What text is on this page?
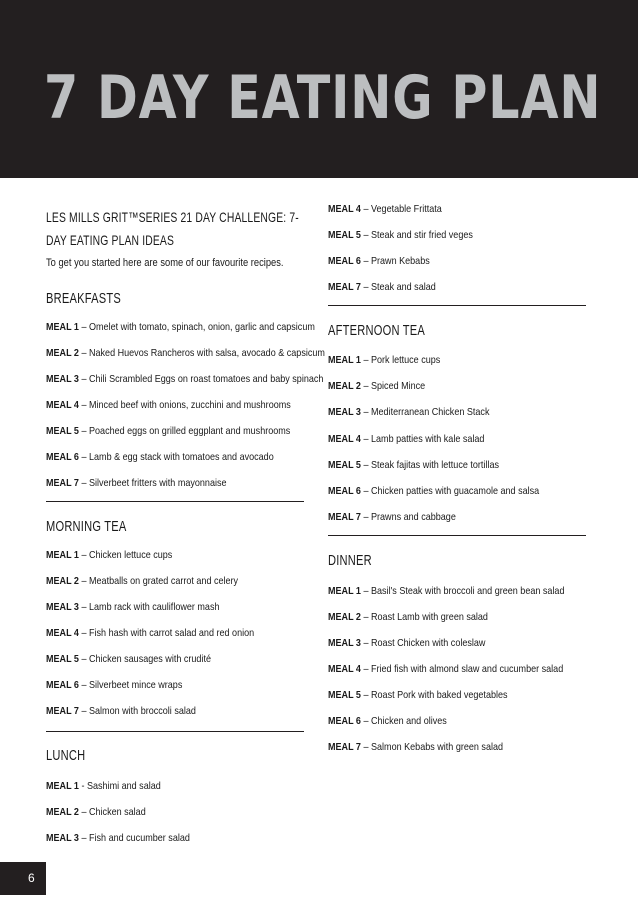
7 DAY EATING PLAN
LES MILLS GRIT™SERIES 21 DAY CHALLENGE: 7-DAY EATING PLAN IDEAS
To get you started here are some of our favourite recipes.
BREAKFASTS
MEAL 1 – Omelet with tomato, spinach, onion, garlic and capsicum
MEAL 2 – Naked Huevos Rancheros with salsa, avocado & capsicum
MEAL 3 – Chili Scrambled Eggs on roast tomatoes and baby spinach
MEAL 4 – Minced beef with onions, zucchini and mushrooms
MEAL 5 – Poached eggs on grilled eggplant and mushrooms
MEAL 6 – Lamb & egg stack with tomatoes and avocado
MEAL 7 – Silverbeet fritters with mayonnaise
MORNING TEA
MEAL 1 – Chicken lettuce cups
MEAL 2 – Meatballs on grated carrot and celery
MEAL 3 – Lamb rack with cauliflower mash
MEAL 4 – Fish hash with carrot salad and red onion
MEAL 5 – Chicken sausages with crudité
MEAL 6 – Silverbeet mince wraps
MEAL 7 – Salmon with broccoli salad
LUNCH
MEAL 1 - Sashimi and salad
MEAL 2 – Chicken salad
MEAL 3 – Fish and cucumber salad
MEAL 4 – Vegetable Frittata
MEAL 5 – Steak and stir fried veges
MEAL 6 – Prawn Kebabs
MEAL 7 – Steak and salad
AFTERNOON TEA
MEAL 1 – Pork lettuce cups
MEAL 2 – Spiced Mince
MEAL 3 – Mediterranean Chicken Stack
MEAL 4 – Lamb patties with kale salad
MEAL 5 – Steak fajitas with lettuce tortillas
MEAL 6 – Chicken patties with guacamole and salsa
MEAL 7 – Prawns and cabbage
DINNER
MEAL 1 – Basil's Steak with broccoli and green bean salad
MEAL 2 – Roast Lamb with green salad
MEAL 3 – Roast Chicken with coleslaw
MEAL 4 – Fried fish with almond slaw and cucumber salad
MEAL 5 – Roast Pork with baked vegetables
MEAL 6 – Chicken and olives
MEAL 7 – Salmon Kebabs with green salad
6
